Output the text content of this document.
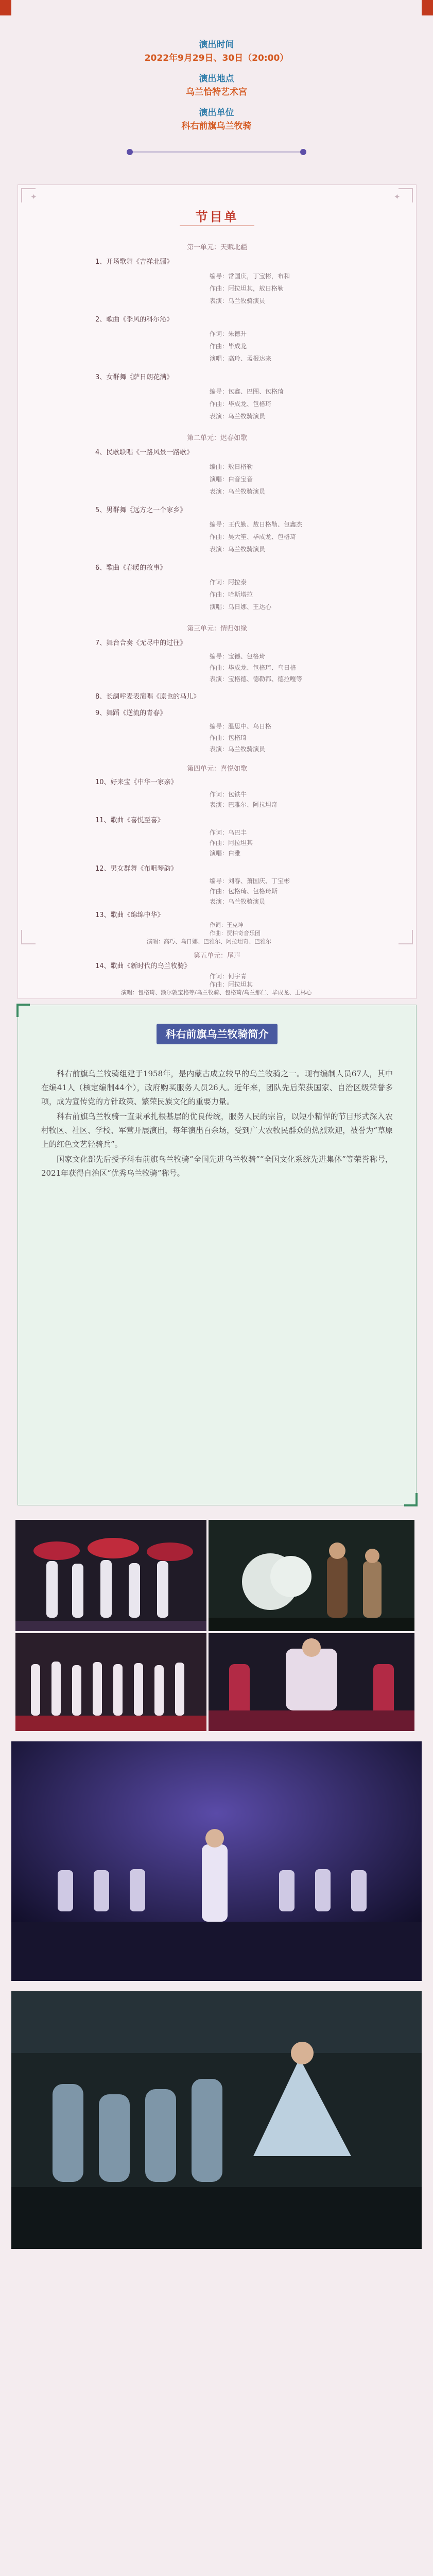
演出时间
2022年9月29日、30日（20:00）
演出地点
乌兰恰特艺术宫
演出单位
科右前旗乌兰牧骑
✦	✦
节目单
第一单元：天赋北疆
1、开场歌舞《吉祥北疆》
编导：常国庆，丁宝彬，布和
作曲：阿拉坦其，敖日格勒
表演：乌兰牧骑演员
2、歌曲《季风的科尔沁》
作词：朱德升
作曲：毕成龙
演唱：高玲、孟根达来
3、女群舞《萨日朗花满》
编导：包鑫、巴图、包格琦
作曲：毕成龙、包格琦
表演：乌兰牧骑演员
第二单元：迟春如歌
4、民歌联唱《一路风景一路歌》
编曲：敖日格勒
演唱：白音宝音
表演：乌兰牧骑演员
5、男群舞《远方之一个家乡》
编导：王代勤、敖日格勒、包鑫杰
作曲：吴大笙、毕成龙、包格琦
表演：乌兰牧骑演员
6、歌曲《春暖的故事》
作词：阿拉泰
作曲：哈斯塔拉
演唱：乌日娜、王达心
第三单元：情归如缘
7、舞台合奏《无尽中的过往》
编导：宝德、包格琦
作曲：毕成龙、包格琦、乌日格
表演：宝格德、德勒都、德拉嘎等
8、长調呼麦表演唱《原也的马儿》
9、舞蹈《逆流的青春》
编导：温思中、乌日格
作曲：包格琦
表演：乌兰牧骑演员
第四单元：喜悦如歌
10、好来宝《中华一家亲》
作词：包铁牛
表演：巴雅尔、阿拉坦奇
11、歌曲《喜悦至喜》
作词：乌巴丰
作曲：阿拉坦其
演唱：白雅
12、男女群舞《布咀琴韵》
编导：刘春、萧国庆、丁宝彬
作曲：包格琦、包格琦斯
表演：乌兰牧骑演员
13、歌曲《绵绵中华》
作词：王克坤
作曲：贾柏奇音乐团
演唱：高巧、乌日娜、巴雅尔、阿拉坦奇、巴雅尔
第五单元：尾声
14、歌曲《新时代的乌兰牧骑》
作词：何宇青
作曲：阿拉坦其
演唱：包格琦、额尔敦宝格等/乌兰牧骑、包格琦/乌兰那仁、毕成龙、王林心
科右前旗乌兰牧骑简介

科右前旗乌兰牧骑组建于1958年，是内蒙古成立较早的乌兰牧骑之一。现有编制人员67人，其中在编41人（核定编制44个），政府购买服务人员26人。近年来，团队先后荣获国家、自治区级荣誉多项，成为宣传党的方针政策、繁荣民族文化的重要力量。

科右前旗乌兰牧骑一直秉承扎根基层的优良传统，服务人民的宗旨，以短小精悍的节目形式深入农村牧区、社区、学校、军营开展演出，每年演出百余场，受到广大农牧民群众的热烈欢迎，被誉为“草原上的红色文艺轻骑兵”。

国家文化部先后授予科右前旗乌兰牧骑“全国先进乌兰牧骑”“全国文化系统先进集体”等荣誉称号，2021年获得自治区“优秀乌兰牧骑”称号。
